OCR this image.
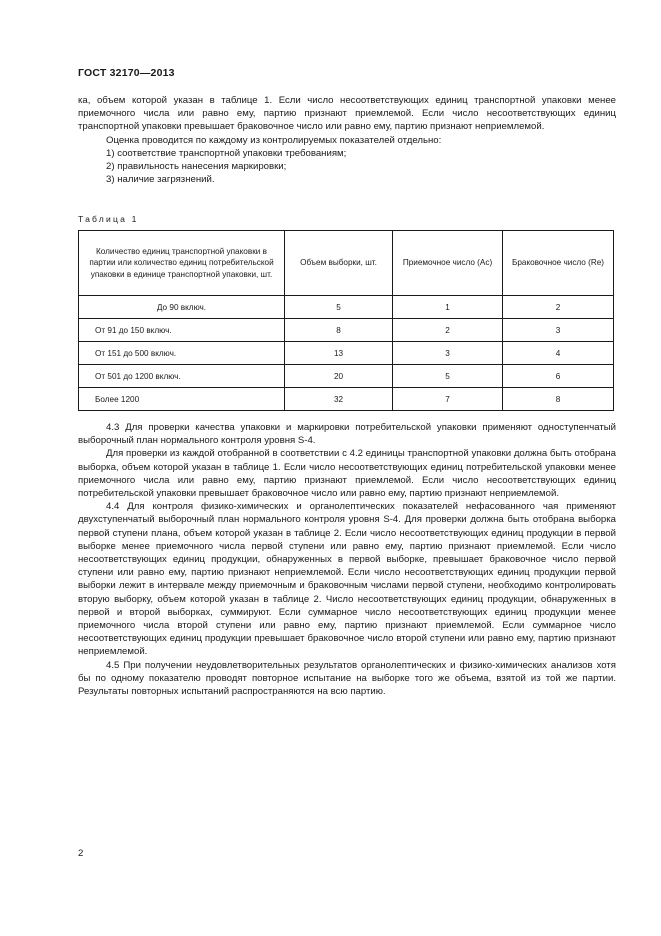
ГОСТ 32170—2013

ка, объем которой указан в таблице 1. Если число несоответствующих единиц транспортной упаковки менее приемочного числа или равно ему, партию признают приемлемой. Если число несоответствующих единиц транспортной упаковки превышает браковочное число или равно ему, партию признают неприемлемой.

Оценка проводится по каждому из контролируемых показателей отдельно:

1) соответствие транспортной упаковки требованиям;

2) правильность нанесения маркировки;

3) наличие загрязнений.

Таблица 1
Количество единиц транспортной упаковки в партии или количество единиц потребительской упаковки в единице транспортной упаковки, шт.	Объем выборки, шт.	Приемочное число (Ас)	Браковочное число (Re)
До 90 включ.	5	1	2
От 91 до 150 включ.	8	2	3
От 151 до 500 включ.	13	3	4
От 501 до 1200 включ.	20	5	6
Более 1200	32	7	8

4.3 Для проверки качества упаковки и маркировки потребительской упаковки применяют одноступенчатый выборочный план нормального контроля уровня S-4.

Для проверки из каждой отобранной в соответствии с 4.2 единицы транспортной упаковки должна быть отобрана выборка, объем которой указан в таблице 1. Если число несоответствующих единиц потребительской упаковки менее приемочного числа или равно ему, партию признают приемлемой. Если число несоответствующих единиц потребительской упаковки превышает браковочное число или равно ему, партию признают неприемлемой.

4.4 Для контроля физико-химических и органолептических показателей нефасованного чая применяют двухступенчатый выборочный план нормального контроля уровня S-4. Для проверки должна быть отобрана выборка первой ступени плана, объем которой указан в таблице 2. Если число несоответствующих единиц продукции в первой выборке менее приемочного числа первой ступени или равно ему, партию признают приемлемой. Если число несоответствующих единиц продукции, обнаруженных в первой выборке, превышает браковочное число первой ступени или равно ему, партию признают неприемлемой. Если число несоответствующих единиц продукции первой выборки лежит в интервале между приемочным и браковочным числами первой ступени, необходимо контролировать вторую выборку, объем которой указан в таблице 2. Число несоответствующих единиц продукции, обнаруженных в первой и второй выборках, суммируют. Если суммарное число несоответствующих единиц продукции менее приемочного числа второй ступени или равно ему, партию признают приемлемой. Если суммарное число несоответствующих единиц продукции превышает браковочное число второй ступени или равно ему, партию признают неприемлемой.

4.5 При получении неудовлетворительных результатов органолептических и физико-химических анализов хотя бы по одному показателю проводят повторное испытание на выборке того же объема, взятой из той же партии. Результаты повторных испытаний распространяются на всю партию.

2
